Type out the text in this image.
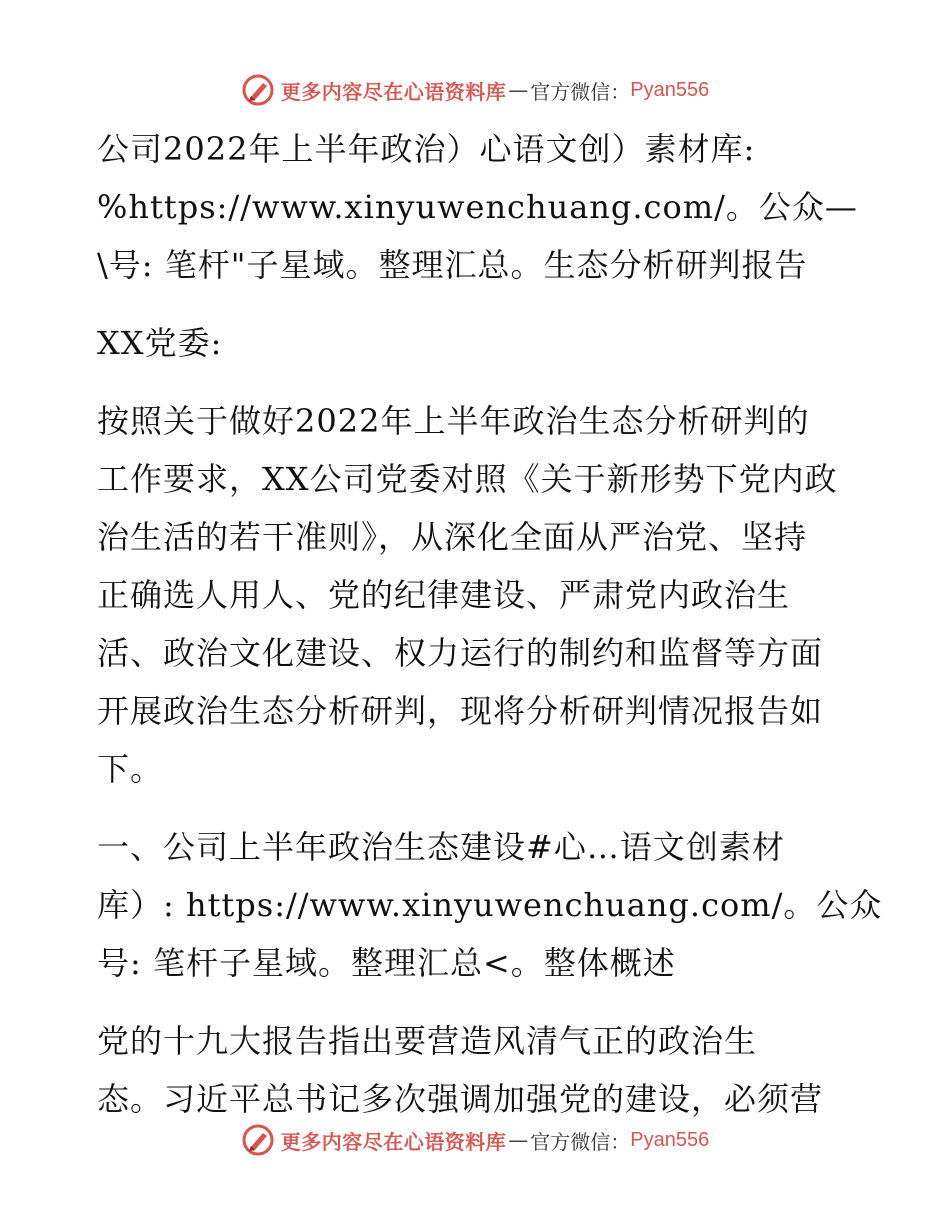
更多内容尽在心语资料库 — 官方微信： Pyan556
公司2022年上半年政治）心语文创）素材库:
%https://www.xinyuwenchuang.com/。公众—
\号: 笔杆"子星域。整理汇总。生态分析研判报告
XX党委:
按照关于做好2022年上半年政治生态分析研判的
工作要求，XX公司党委对照《关于新形势下党内政
治生活的若干准则》，从深化全面从严治党、坚持
正确选人用人、党的纪律建设、严肃党内政治生
活、政治文化建设、权力运行的制约和监督等方面
开展政治生态分析研判，现将分析研判情况报告如
下。
一、公司上半年政治生态建设#心…语文创素材
库）: https://www.xinyuwenchuang.com/。公众
号: 笔杆子星域。整理汇总<。整体概述
党的十九大报告指出要营造风清气正的政治生
态。习近平总书记多次强调加强党的建设，必须营
更多内容尽在心语资料库 — 官方微信： Pyan556
